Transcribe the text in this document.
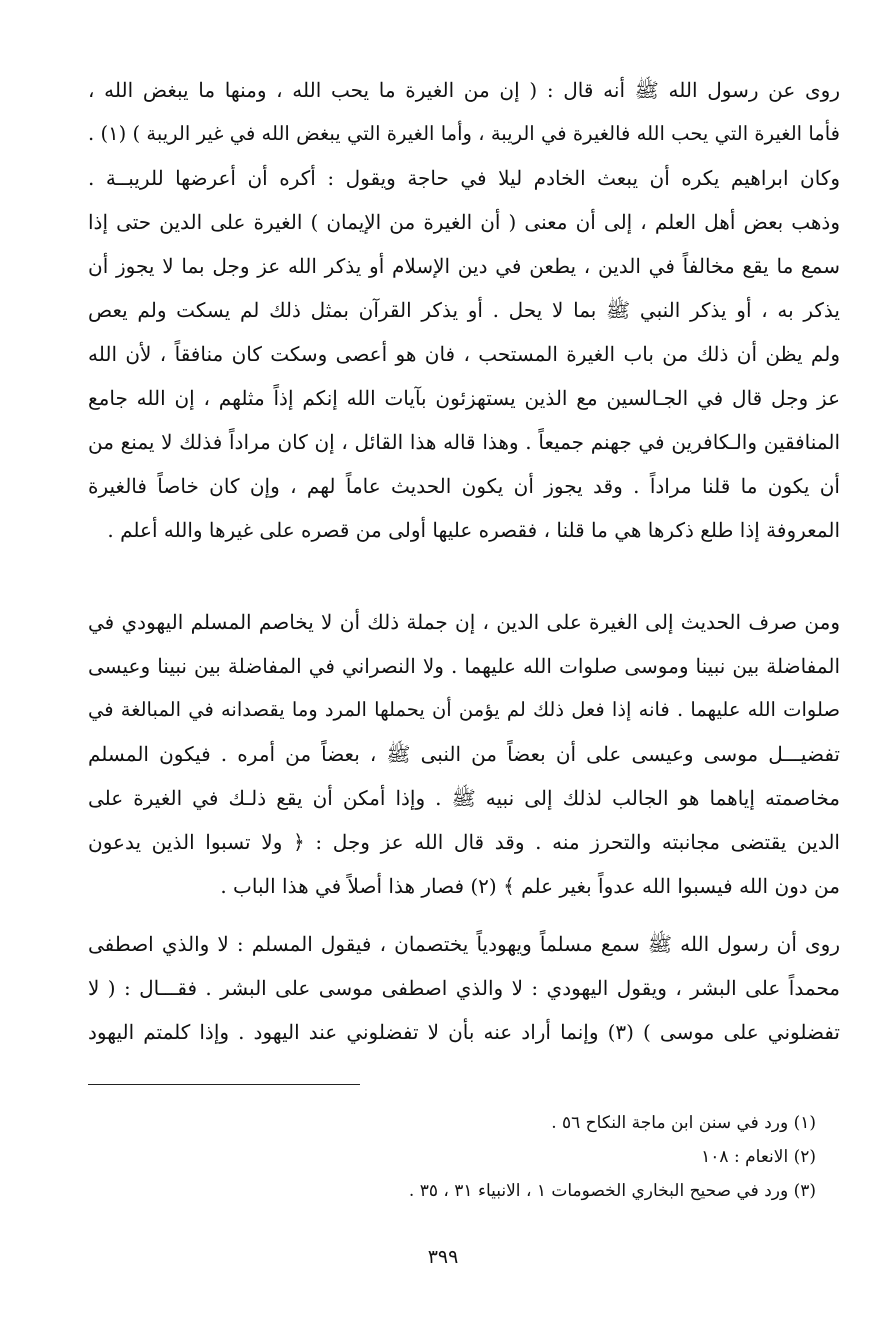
روى عن رسول الله ﷺ أنه قال : ( إن من الغيرة ما يحب الله ، ومنها ما يبغض الله ،
فأما الغيرة التي يحب الله فالغيرة في الريبة ، وأما الغيرة التي يبغض الله في غير الريبة ) (١) .
وكان ابراهيم يكره أن يبعث الخادم ليلا في حاجة ويقول : أكره أن أعرضها للريبــة .
وذهب بعض أهل العلم ، إلى أن معنى ( أن الغيرة من الإيمان ) الغيرة على الدين حتى إذا
سمع ما يقع مخالفاً في الدين ، يطعن في دين الإسلام أو يذكر الله عز وجل بما لا يجوز أن
يذكر به ، أو يذكر النبي ﷺ بما لا يحل . أو يذكر القرآن بمثل ذلك لم يسكت ولم يعص
ولم يظن أن ذلك من باب الغيرة المستحب ، فان هو أعصى وسكت كان منافقاً ، لأن الله
عز وجل قال في الجـالسين مع الذين يستهزئون بآيات الله إنكم إذاً مثلهم ، إن الله جامع
المنافقين والـكافرين في جهنم جميعاً . وهذا قاله هذا القائل ، إن كان مراداً فذلك لا يمنع من
أن يكون ما قلنا مراداً . وقد يجوز أن يكون الحديث عاماً لهم ، وإن كان خاصاً فالغيرة
المعروفة إذا طلع ذكرها هي ما قلنا ، فقصره عليها أولى من قصره على غيرها والله أعلم .
ومن صرف الحديث إلى الغيرة على الدين ، إن جملة ذلك أن لا يخاصم المسلم اليهودي في
المفاضلة بين نبينا وموسى صلوات الله عليهما . ولا النصراني في المفاضلة بين نبينا وعيسى
صلوات الله عليهما . فانه إذا فعل ذلك لم يؤمن أن يحملها المرد وما يقصدانه في المبالغة في
تفضيـــل موسى وعيسى على أن بعضاً من النبى ﷺ ، بعضاً من أمره . فيكون المسلم
مخاصمته إياهما هو الجالب لذلك إلى نبيه ﷺ . وإذا أمكن أن يقع ذلـك في الغيرة على
الدين يقتضى مجانبته والتحرز منه . وقد قال الله عز وجل : ﴿ ولا تسبوا الذين يدعون
من دون الله فيسبوا الله عدواً بغير علم ﴾ (٢) فصار هذا أصلاً في هذا الباب .
روى أن رسول الله ﷺ سمع مسلماً ويهودياً يختصمان ، فيقول المسلم : لا والذي اصطفى
محمداً على البشر ، ويقول اليهودي : لا والذي اصطفى موسى على البشر . فقـــال : ( لا
تفضلوني على موسى ) (٣) وإنما أراد عنه بأن لا تفضلوني عند اليهود . وإذا كلمتم اليهود
(١) ورد في سنن ابن ماجة النكاح ٥٦ .
(٢) الانعام : ١٠٨
(٣) ورد في صحيح البخاري الخصومات ١ ، الانبياء ٣١ ، ٣٥ .
٣٩٩
